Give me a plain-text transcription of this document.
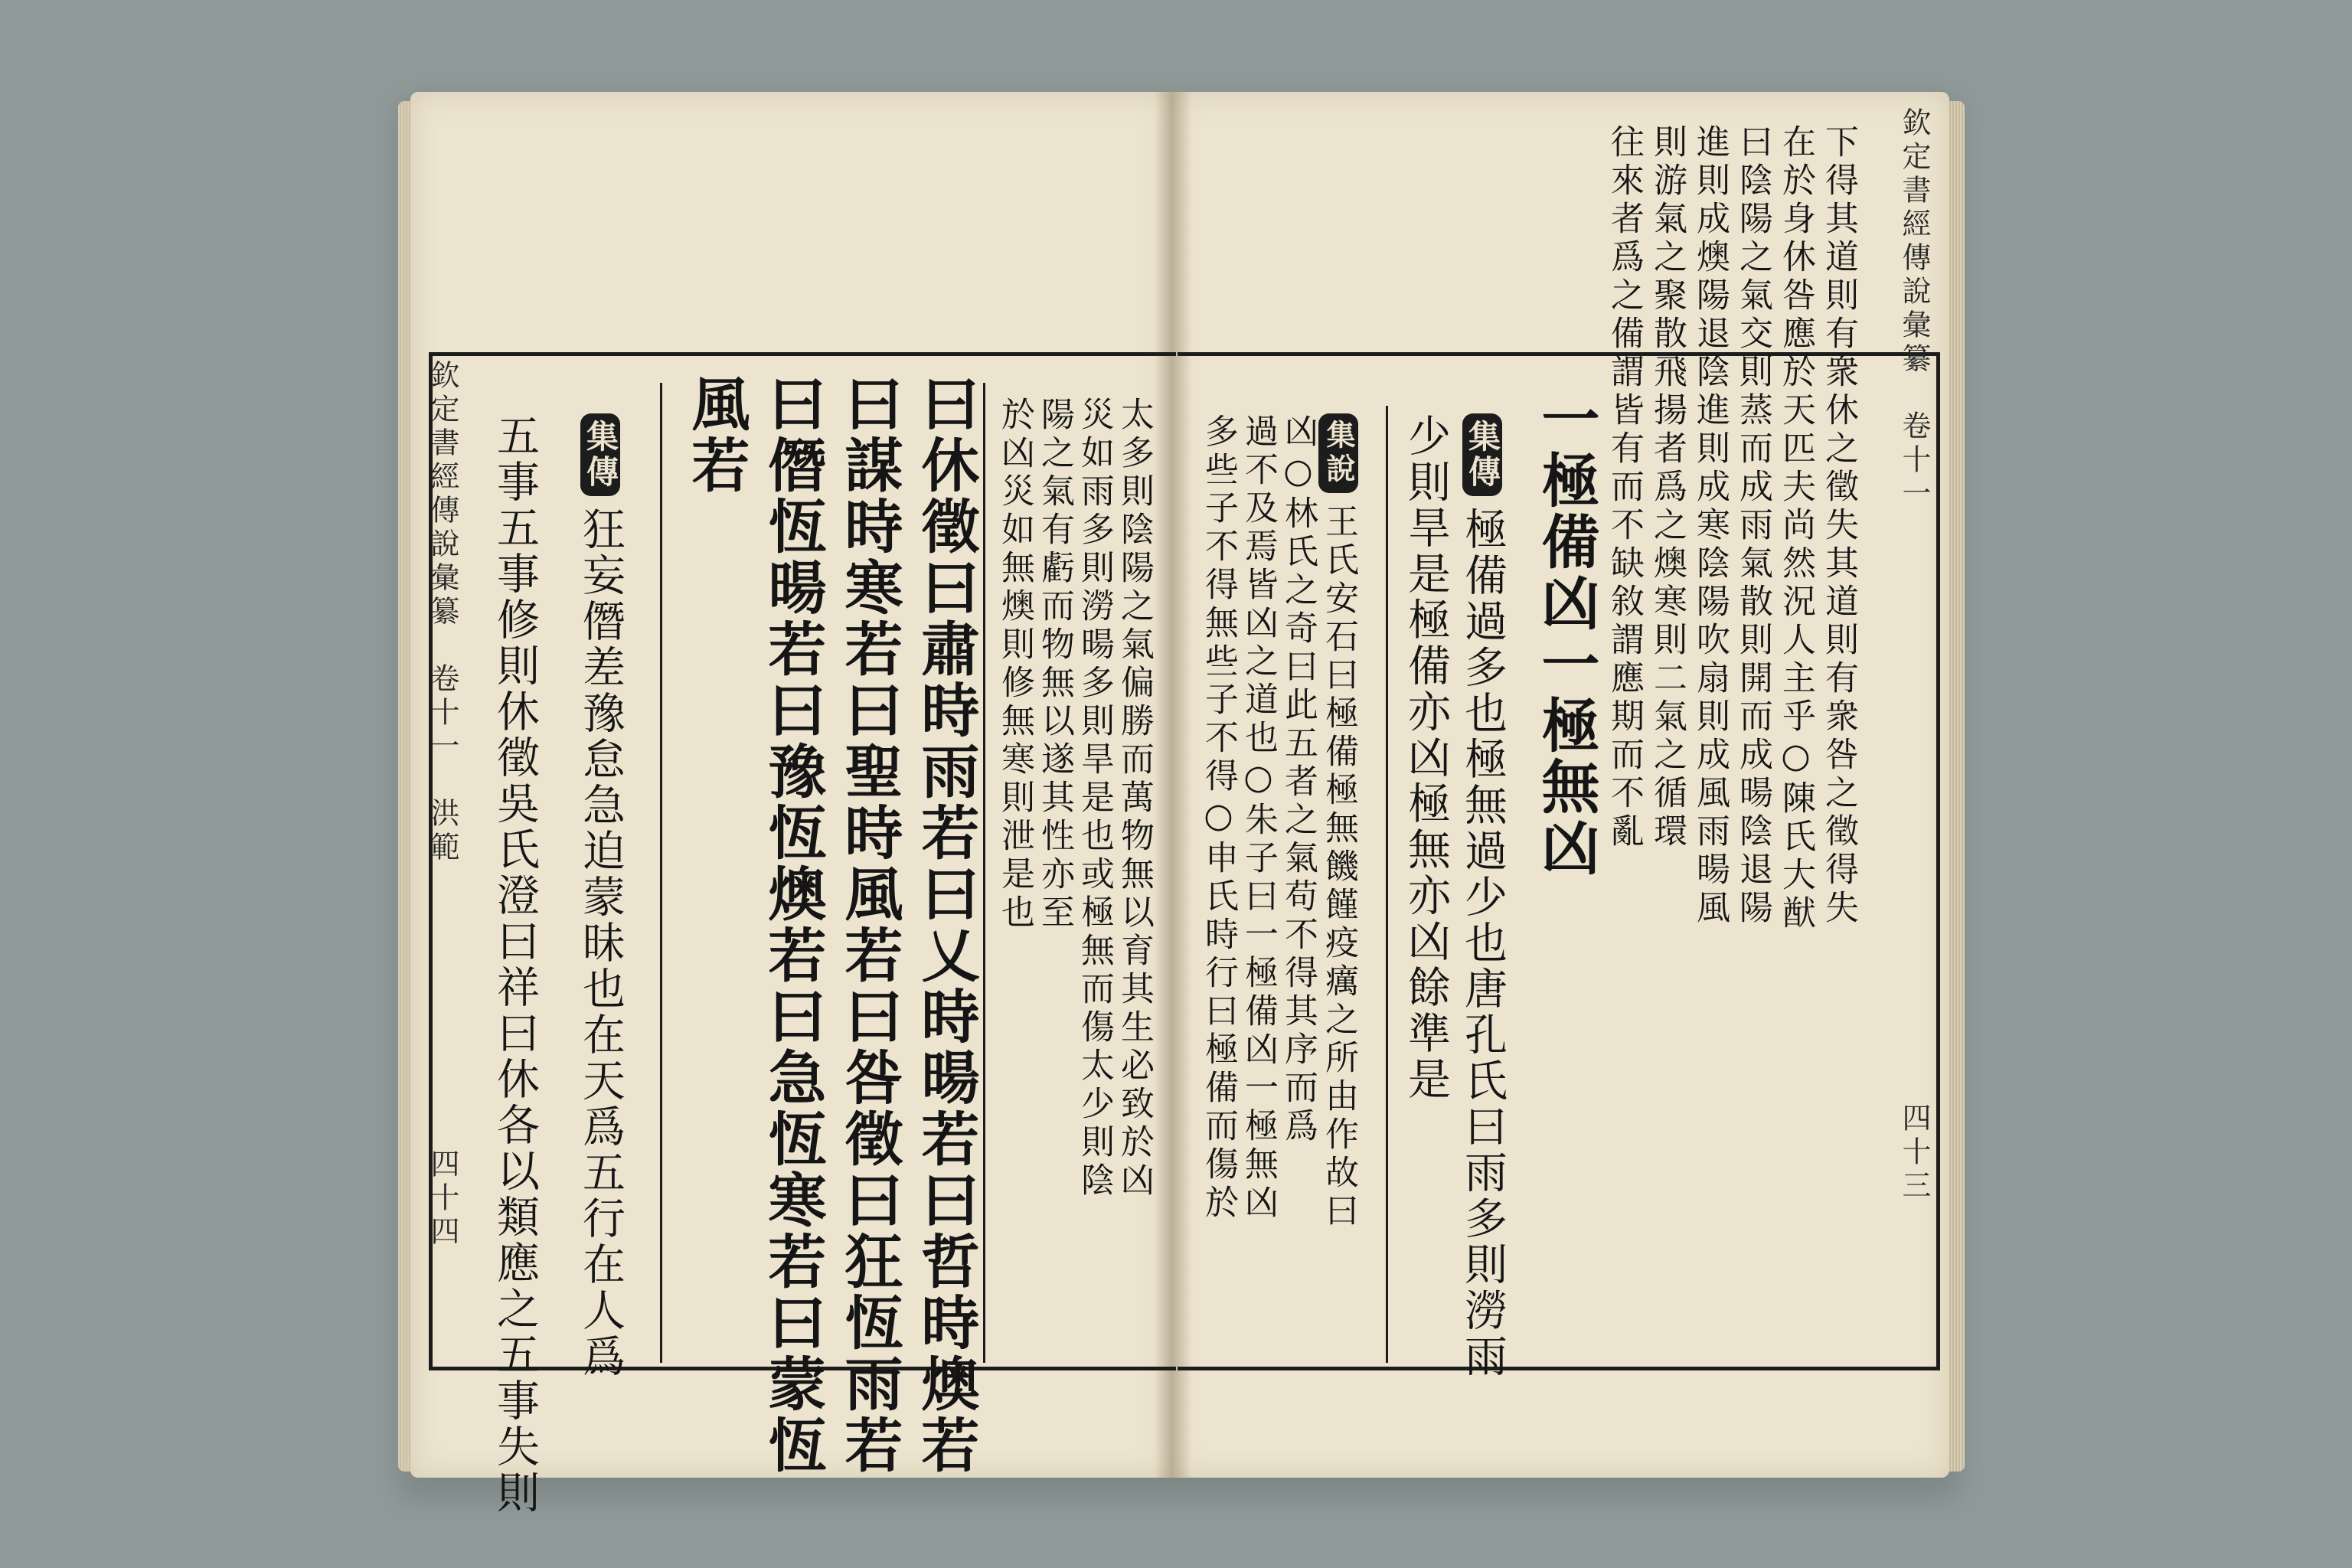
欽定書經傳說彙纂　卷十一
四十三
下得其道則有衆休之徵失其道則有衆咎之徵得失
在於身休咎應於天匹夫尚然況人主乎○陳氏大猷
曰陰陽之氣交則蒸而成雨氣散則開而成暘陰退陽
進則成燠陽退陰進則成寒陰陽吹扇則成風雨暘風
則游氣之聚散飛揚者爲之燠寒則二氣之循環
往來者爲之備謂皆有而不缺敘謂應期而不亂
一極備凶一極無凶
集傳極備過多也極無過少也唐孔氏曰雨多則澇雨
少則旱是極備亦凶極無亦凶餘準是
集說王氏安石曰極備極無饑饉疫癘之所由作故曰
凶○林氏之奇曰此五者之氣苟不得其序而爲
過不及焉皆凶之道也○朱子曰一極備凶一極無凶
多些子不得無些子不得○申氏時行曰極備而傷於
欽定書經傳說彙纂　卷十一　洪範
四十四	太多則陰陽之氣偏勝而萬物無以育其生必致於凶
災如雨多則澇暘多則旱是也或極無而傷太少則陰
陽之氣有虧而物無以遂其性亦至
於凶災如無燠則修無寒則泄是也
曰休徵曰肅時雨若曰乂時暘若曰哲時燠若
曰謀時寒若曰聖時風若曰咎徵曰狂恆雨若
曰僭恆暘若曰豫恆燠若曰急恆寒若曰蒙恆
風若
集傳狂妄僭差豫怠急迫蒙昧也在天爲五行在人爲
五事五事修則休徵吳氏澄曰祥曰休各以類應之五事失則
